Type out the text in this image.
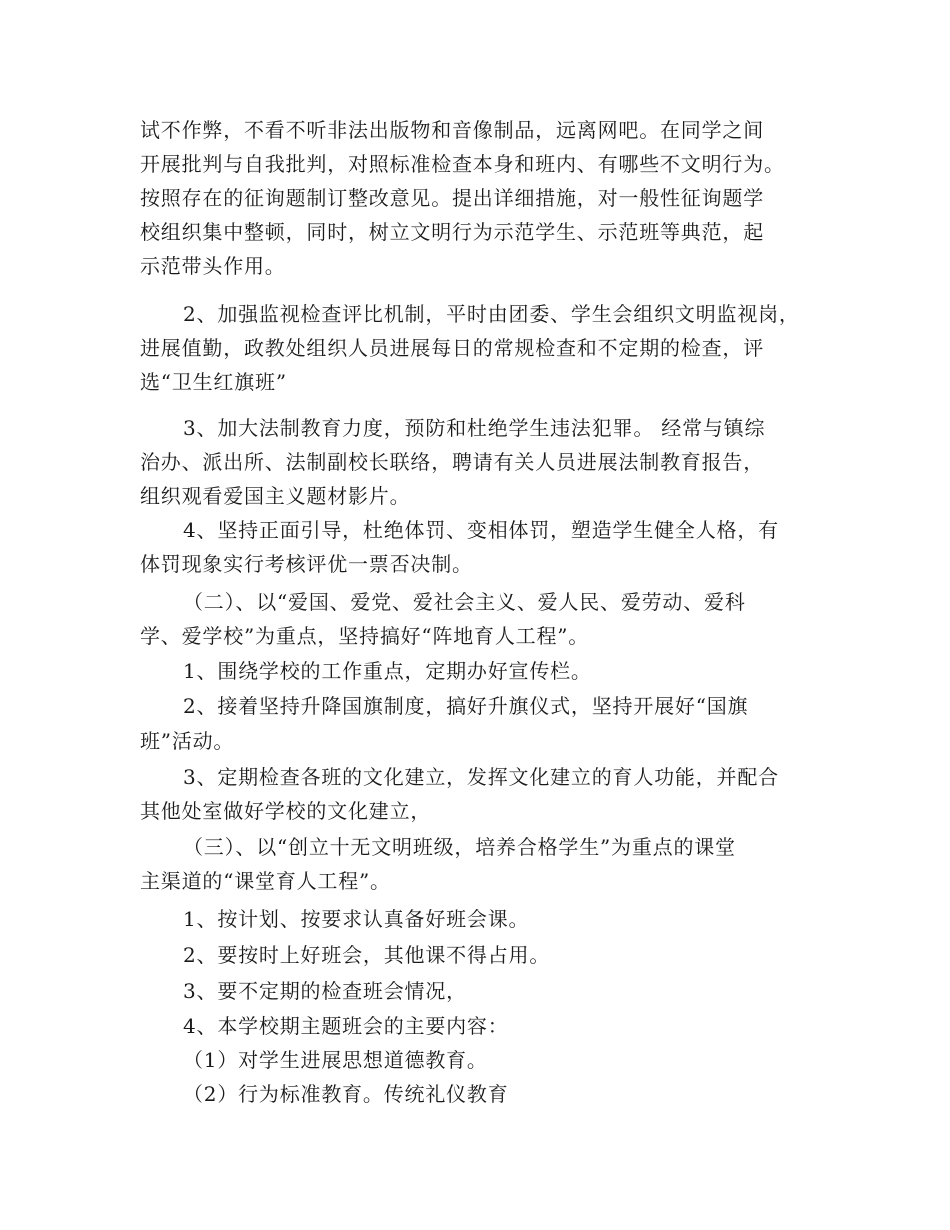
试不作弊，不看不听非法出版物和音像制品，远离网吧。在同学之间
开展批判与自我批判，对照标准检查本身和班内、有哪些不文明行为。
按照存在的征询题制订整改意见。提出详细措施，对一般性征询题学
校组织集中整顿，同时，树立文明行为示范学生、示范班等典范，起
示范带头作用。
2、加强监视检查评比机制，平时由团委、学生会组织文明监视岗，
进展值勤，政教处组织人员进展每日的常规检查和不定期的检查，评
选“卫生红旗班”
3、加大法制教育力度，预防和杜绝学生违法犯罪。 经常与镇综
治办、派出所、法制副校长联络，聘请有关人员进展法制教育报告，
组织观看爱国主义题材影片。
4、坚持正面引导，杜绝体罚、变相体罚，塑造学生健全人格，有
体罚现象实行考核评优一票否决制。
（二）、以“爱国、爱党、爱社会主义、爱人民、爱劳动、爱科
学、爱学校”为重点，坚持搞好“阵地育人工程”。
1、围绕学校的工作重点，定期办好宣传栏。
2、接着坚持升降国旗制度，搞好升旗仪式，坚持开展好“国旗
班”活动。
3、定期检查各班的文化建立，发挥文化建立的育人功能，并配合
其他处室做好学校的文化建立，
（三）、以“创立十无文明班级，培养合格学生”为重点的课堂
主渠道的“课堂育人工程”。
1、按计划、按要求认真备好班会课。
2、要按时上好班会，其他课不得占用。
3、要不定期的检查班会情况，
4、本学校期主题班会的主要内容：
（1）对学生进展思想道德教育。
（2）行为标准教育。传统礼仪教育
